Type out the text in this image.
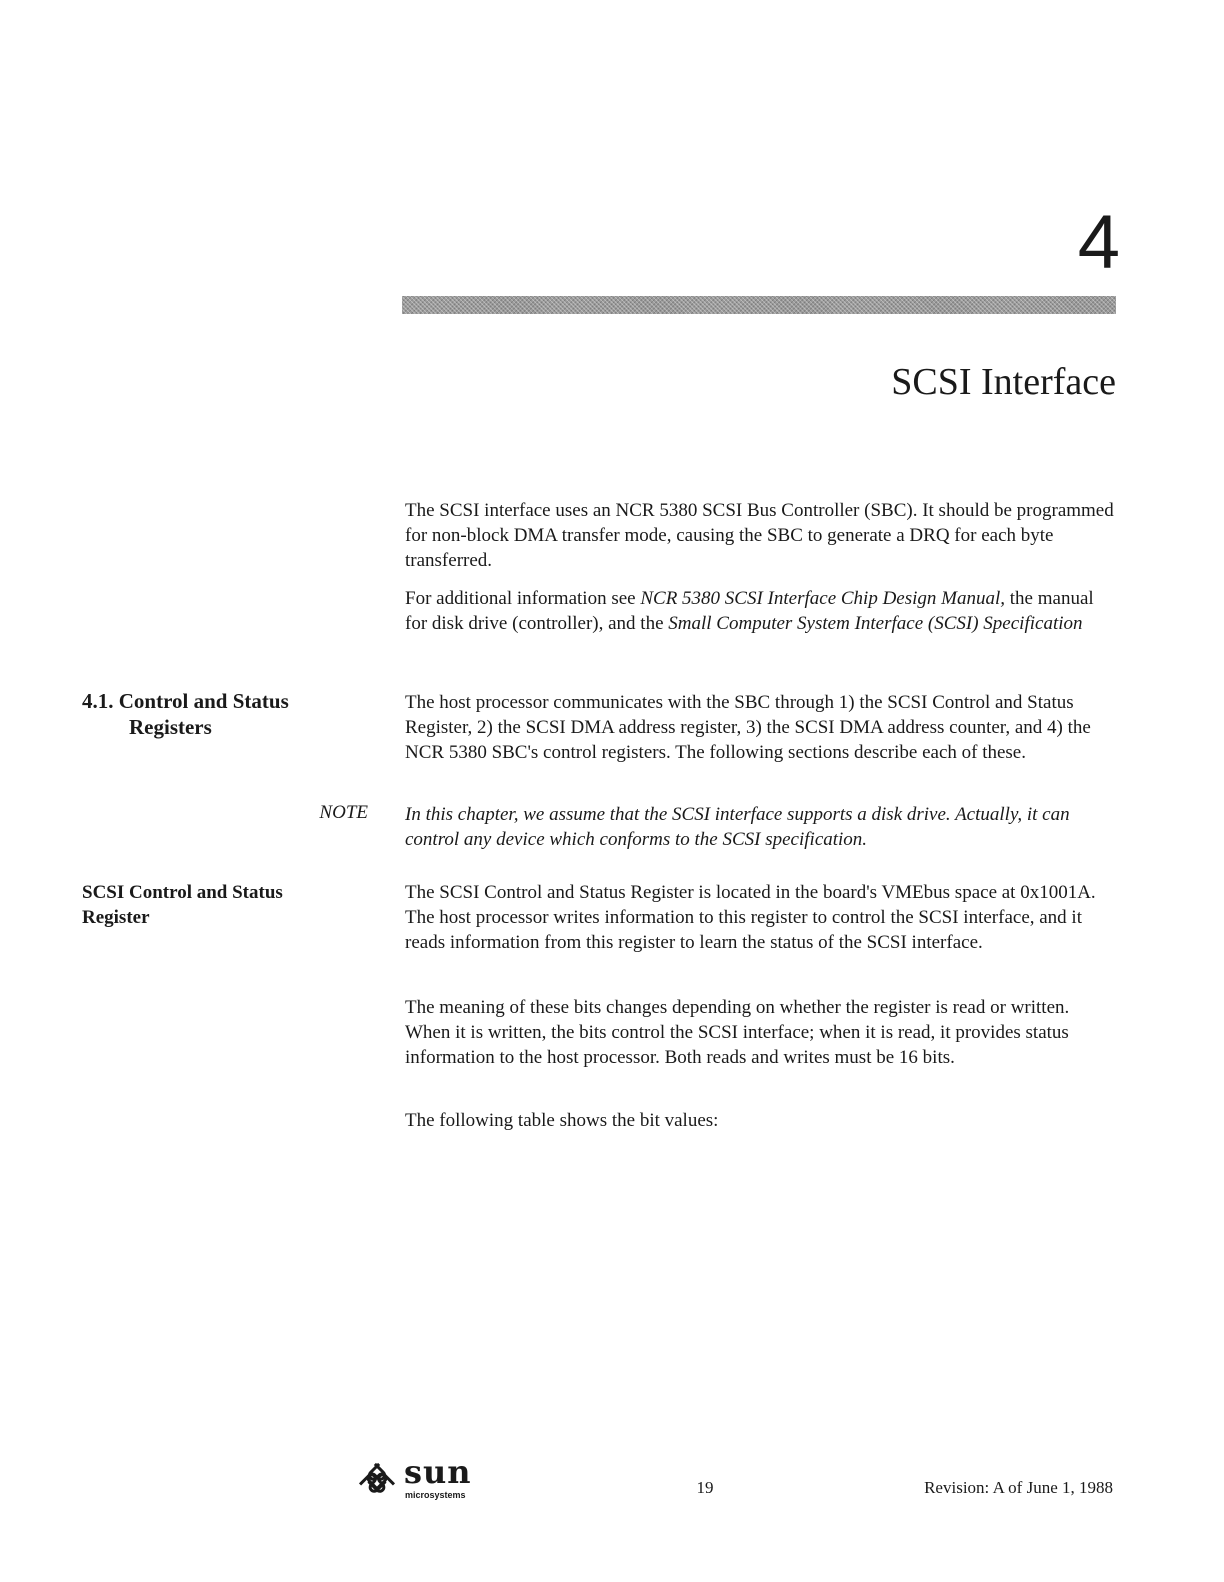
4
SCSI Interface

The SCSI interface uses an NCR 5380 SCSI Bus Controller (SBC). It should be programmed for non-block DMA transfer mode, causing the SBC to generate a DRQ for each byte transferred.

For additional information see NCR 5380 SCSI Interface Chip Design Manual, the manual for disk drive (controller), and the Small Computer System Interface (SCSI) Specification

4.1. Control and Status
Registers

The host processor communicates with the SBC through 1) the SCSI Control and Status Register, 2) the SCSI DMA address register, 3) the SCSI DMA address counter, and 4) the NCR 5380 SBC's control registers. The following sections describe each of these.

NOTE In this chapter, we assume that the SCSI interface supports a disk drive. Actually, it can control any device which conforms to the SCSI specification.
SCSI Control and Status
Register

The SCSI Control and Status Register is located in the board's VMEbus space at 0x1001A. The host processor writes information to this register to control the SCSI interface, and it reads information from this register to learn the status of the SCSI interface.

The meaning of these bits changes depending on whether the register is read or written. When it is written, the bits control the SCSI interface; when it is read, it provides status information to the host processor. Both reads and writes must be 16 bits.

The following table shows the bit values:

sun
microsystems	19	Revision: A of June 1, 1988
